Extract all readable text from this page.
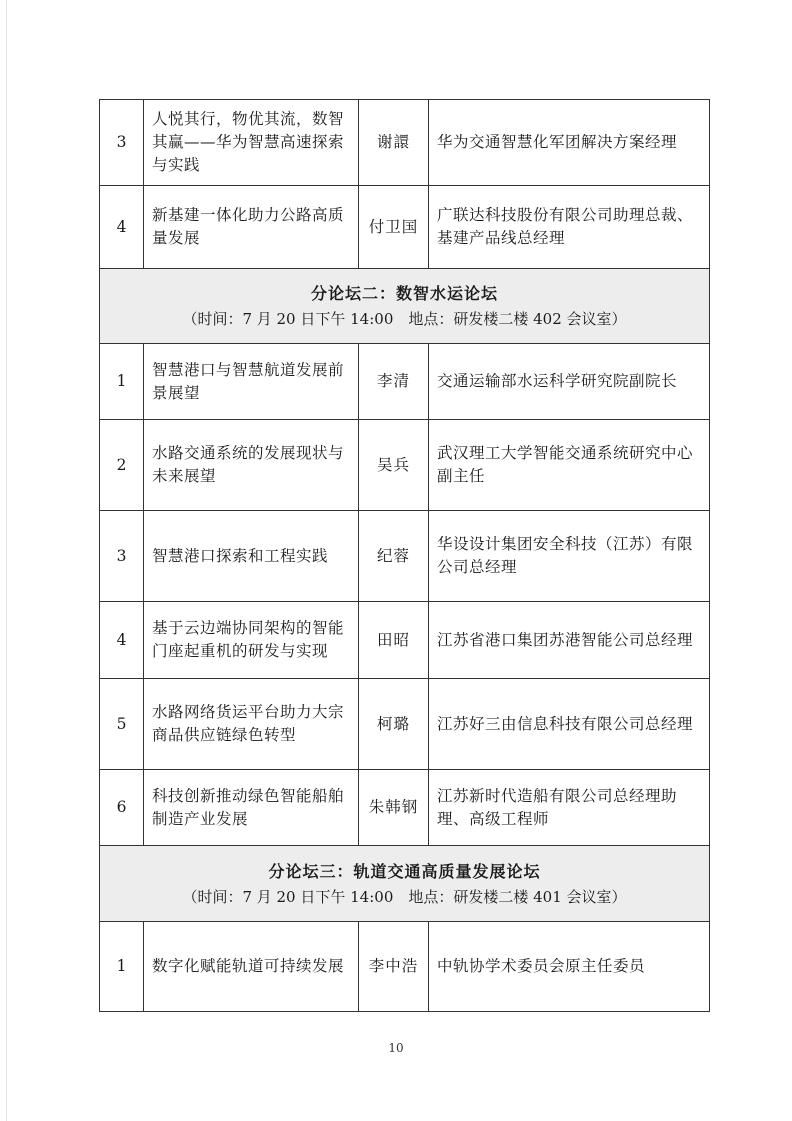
3	人悦其行，物优其流，数智其赢——华为智慧高速探索与实践	谢譞	华为交通智慧化军团解决方案经理
4	新基建一体化助力公路高质量发展	付卫国	广联达科技股份有限公司助理总裁、基建产品线总经理

分论坛二：数智水运论坛
（时间：7 月 20 日下午 14:00　地点：研发楼二楼 402 会议室）			

1	智慧港口与智慧航道发展前景展望	李清	交通运输部水运科学研究院副院长
2	水路交通系统的发展现状与未来展望	吴兵	武汉理工大学智能交通系统研究中心副主任
3	智慧港口探索和工程实践	纪蓉	华设设计集团安全科技（江苏）有限公司总经理
4	基于云边端协同架构的智能门座起重机的研发与实现	田昭	江苏省港口集团苏港智能公司总经理
5	水路网络货运平台助力大宗商品供应链绿色转型	柯璐	江苏好三由信息科技有限公司总经理
6	科技创新推动绿色智能船舶制造产业发展	朱韩钢	江苏新时代造船有限公司总经理助理、高级工程师

分论坛三：轨道交通高质量发展论坛
（时间：7 月 20 日下午 14:00　地点：研发楼二楼 401 会议室）			

1	数字化赋能轨道可持续发展	李中浩	中轨协学术委员会原主任委员
10
